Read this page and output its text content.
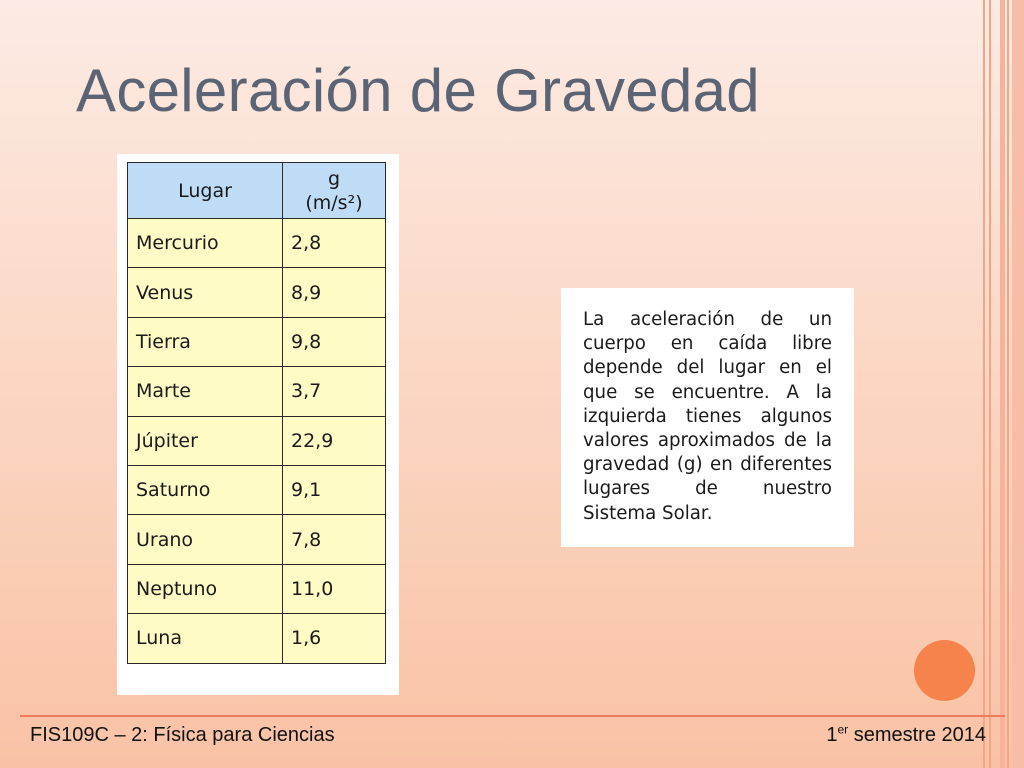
Aceleración de Gravedad
Lugar	g
(m/s²)
Mercurio	2,8
Venus	8,9
Tierra	9,8
Marte	3,7
Júpiter	22,9
Saturno	9,1
Urano	7,8
Neptuno	11,0
Luna	1,6

La aceleración de un cuerpo en caída libre depende del lugar en el que se encuentre. A la izquierda tienes algunos valores aproximados de la gravedad (g) en diferentes lugares de nuestro Sistema Solar.

FIS109C – 2: Física para Ciencias	1er semestre 2014
